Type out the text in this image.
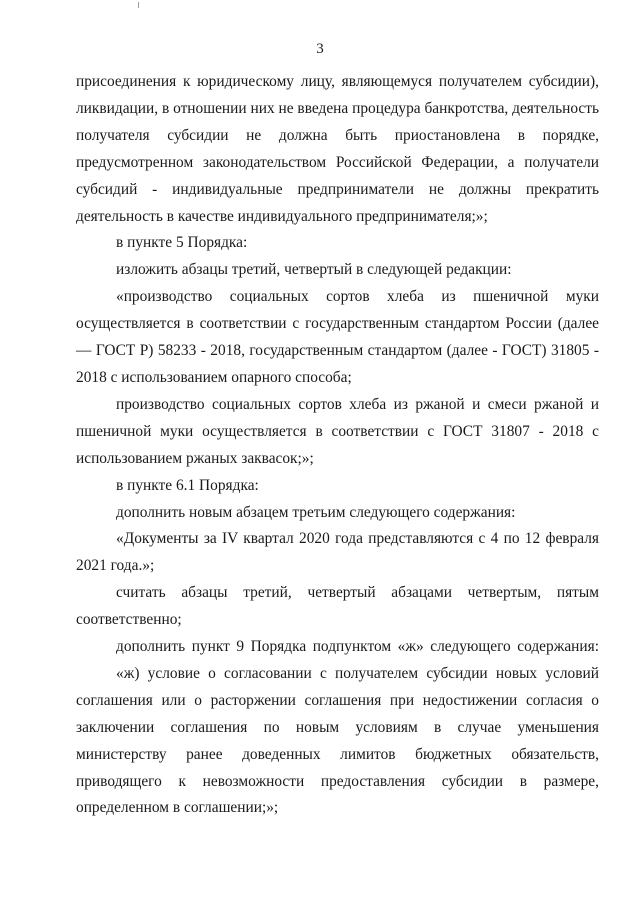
3

присоединения к юридическому лицу, являющемуся получателем субсидии), ликвидации, в отношении них не введена процедура банкротства, деятельность получателя субсидии не должна быть приостановлена в порядке, предусмотренном законодательством Российской Федерации, а получатели субсидий - индивидуальные предприниматели не должны прекратить деятельность в качестве индивидуального предпринимателя;»;

в пункте 5 Порядка:

изложить абзацы третий, четвертый в следующей редакции:

«производство социальных сортов хлеба из пшеничной муки осуществляется в соответствии с государственным стандартом России (далее — ГОСТ Р) 58233 - 2018, государственным стандартом (далее - ГОСТ) 31805 - 2018 с использованием опарного способа;

производство социальных сортов хлеба из ржаной и смеси ржаной и пшеничной муки осуществляется в соответствии с ГОСТ 31807 - 2018 с использованием ржаных заквасок;»;

в пункте 6.1 Порядка:

дополнить новым абзацем третьим следующего содержания:

«Документы за IV квартал 2020 года представляются с 4 по 12 февраля 2021 года.»;

считать абзацы третий, четвертый абзацами четвертым, пятым соответственно;

дополнить пункт 9 Порядка подпунктом «ж» следующего содержания:

«ж) условие о согласовании с получателем субсидии новых условий соглашения или о расторжении соглашения при недостижении согласия о заключении соглашения по новым условиям в случае уменьшения министерству ранее доведенных лимитов бюджетных обязательств, приводящего к невозможности предоставления субсидии в размере, определенном в соглашении;»;
